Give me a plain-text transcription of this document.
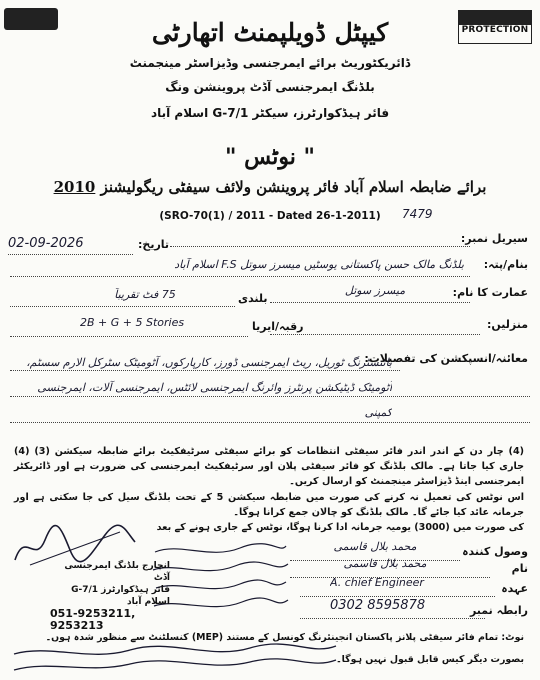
PROTECTION
کیپٹل ڈویلپمنٹ اتھارٹی
ڈائریکٹوریٹ برائے ایمرجنسی وڈیزاسٹر مینجمنٹ
بلڈنگ ایمرجنسی آڈٹ پروینشن ونگ
فائر ہیڈکوارٹرز، سیکٹر G-7/1 اسلام آباد
" نوٹس "
برائے ضابطہ اسلام آباد فائر پروینشن ولائف سیفٹی ریگولیشنز 2010
(SRO-70(1) / 2011 - Dated 26-1-2011)	7479
سیریل نمبر:
تاریخ:
02-09-2026
بنام/پتہ:
بلڈنگ مالک حسن پاکستانی یوسٹیں میسرز سوتل F.S اسلام آباد
عمارت کا نام:
میسرز سوتل
بلندی
75 فٹ تقریباً
منزلیں:
رقبہ/ایریا
2B + G + 5 Stories
معائنہ/انسپکشن کی تفصیلات:
بائنسٹرنگ ٹوریل، ریٹ ایمرجنسی ڈورز، کارپارکوں، آٹومیٹک سٹرکل الارم سسٹم، آٹومیٹک ڈیٹیکشن پرنٹرز وائرنگ ایمرجنسی لائٹس، ایمرجنسی آلات، ایمرجنسی کمپنی
(4) چار دن کے اندر اندر فائر سیفٹی انتظامات کو برائے سیفٹی سرٹیفکیٹ برائے ضابطہ سیکشن (3) (4) جاری کیا جاتا ہے۔ مالک بلڈنگ کو فائر سیفٹی پلان اور سرٹیفکیٹ ایمرجنسی کی ضرورت ہے اور ڈائریکٹر ایمرجنسی اینڈ ڈیزاسٹر مینجمنٹ کو ارسال کریں۔
اس نوٹس کی تعمیل نہ کرنے کی صورت میں ضابطہ سیکشن 5 کے تحت بلڈنگ سیل کی جا سکتی ہے اور جرمانہ عائد کیا جائے گا۔ مالک بلڈنگ کو چالان جمع کرانا ہوگا۔
کی صورت میں (3000) یومیہ جرمانہ ادا کرنا ہوگا، نوٹس کے جاری ہونے کے بعد
وصول کنندہ
محمد بلال قاسمی
نام
محمد بلال قاسمی
عہدہ
A. chief Engineer
رابطہ نمبر
0302 8595878
انچارج بلڈنگ ایمرجنسی آڈٹ
فائر ہیڈکوارٹرز G-7/1 اسلام آباد
051-9253211, 9253213
نوٹ: تمام فائر سیفٹی پلانز پاکستان انجینئرنگ کونسل کے مستند (MEP) کنسلٹنٹ سے منظور شدہ ہوں۔
بصورت دیگر کیس قابل قبول نہیں ہوگا۔
